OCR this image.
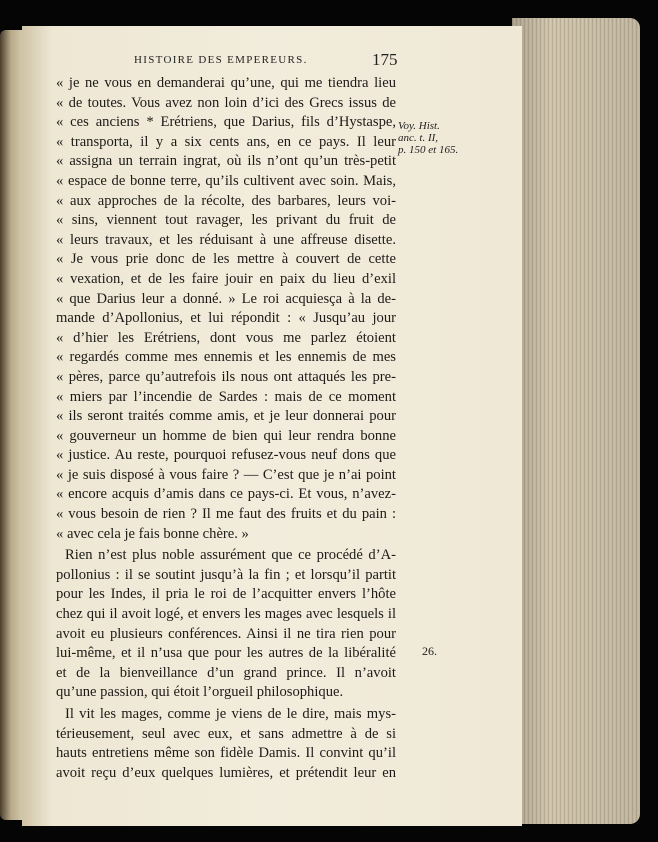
HISTOIRE DES EMPEREURS.	175
« je ne vous en demanderai qu’une, qui me tiendra lieu
« de toutes. Vous avez non loin d’ici des Grecs issus de
« ces anciens * Erétriens, que Darius, fils d’Hystaspe,
« transporta, il y a six cents ans, en ce pays. Il leur
« assigna un terrain ingrat, où ils n’ont qu’un très-petit
« espace de bonne terre, qu’ils cultivent avec soin. Mais,
« aux approches de la récolte, des barbares, leurs voi-
« sins, viennent tout ravager, les privant du fruit de
« leurs travaux, et les réduisant à une affreuse disette.
« Je vous prie donc de les mettre à couvert de cette
« vexation, et de les faire jouir en paix du lieu d’exil
« que Darius leur a donné. » Le roi acquiesça à la de-
mande d’Apollonius, et lui répondit : « Jusqu’au jour
« d’hier les Erétriens, dont vous me parlez étoient
« regardés comme mes ennemis et les ennemis de mes
« pères, parce qu’autrefois ils nous ont attaqués les pre-
« miers par l’incendie de Sardes : mais de ce moment
« ils seront traités comme amis, et je leur donnerai pour
« gouverneur un homme de bien qui leur rendra bonne
« justice. Au reste, pourquoi refusez-vous neuf dons que
« je suis disposé à vous faire ? — C’est que je n’ai point
« encore acquis d’amis dans ce pays-ci. Et vous, n’avez-
« vous besoin de rien ? Il me faut des fruits et du pain :
« avec cela je fais bonne chère. »
Rien n’est plus noble assurément que ce procédé d’A-
pollonius : il se soutint jusqu’à la fin ; et lorsqu’il partit
pour les Indes, il pria le roi de l’acquitter envers l’hôte
chez qui il avoit logé, et envers les mages avec lesquels il
avoit eu plusieurs conférences. Ainsi il ne tira rien pour
lui-même, et il n’usa que pour les autres de la libéralité
et de la bienveillance d’un grand prince. Il n’avoit
qu’une passion, qui étoit l’orgueil philosophique.
Il vit les mages, comme je viens de le dire, mais mys-
térieusement, seul avec eux, et sans admettre à de si
hauts entretiens même son fidèle Damis. Il convint qu’il
avoit reçu d’eux quelques lumières, et prétendit leur en
Voy. Hist.
anc. t. II,
p. 150 et 165.
26.
